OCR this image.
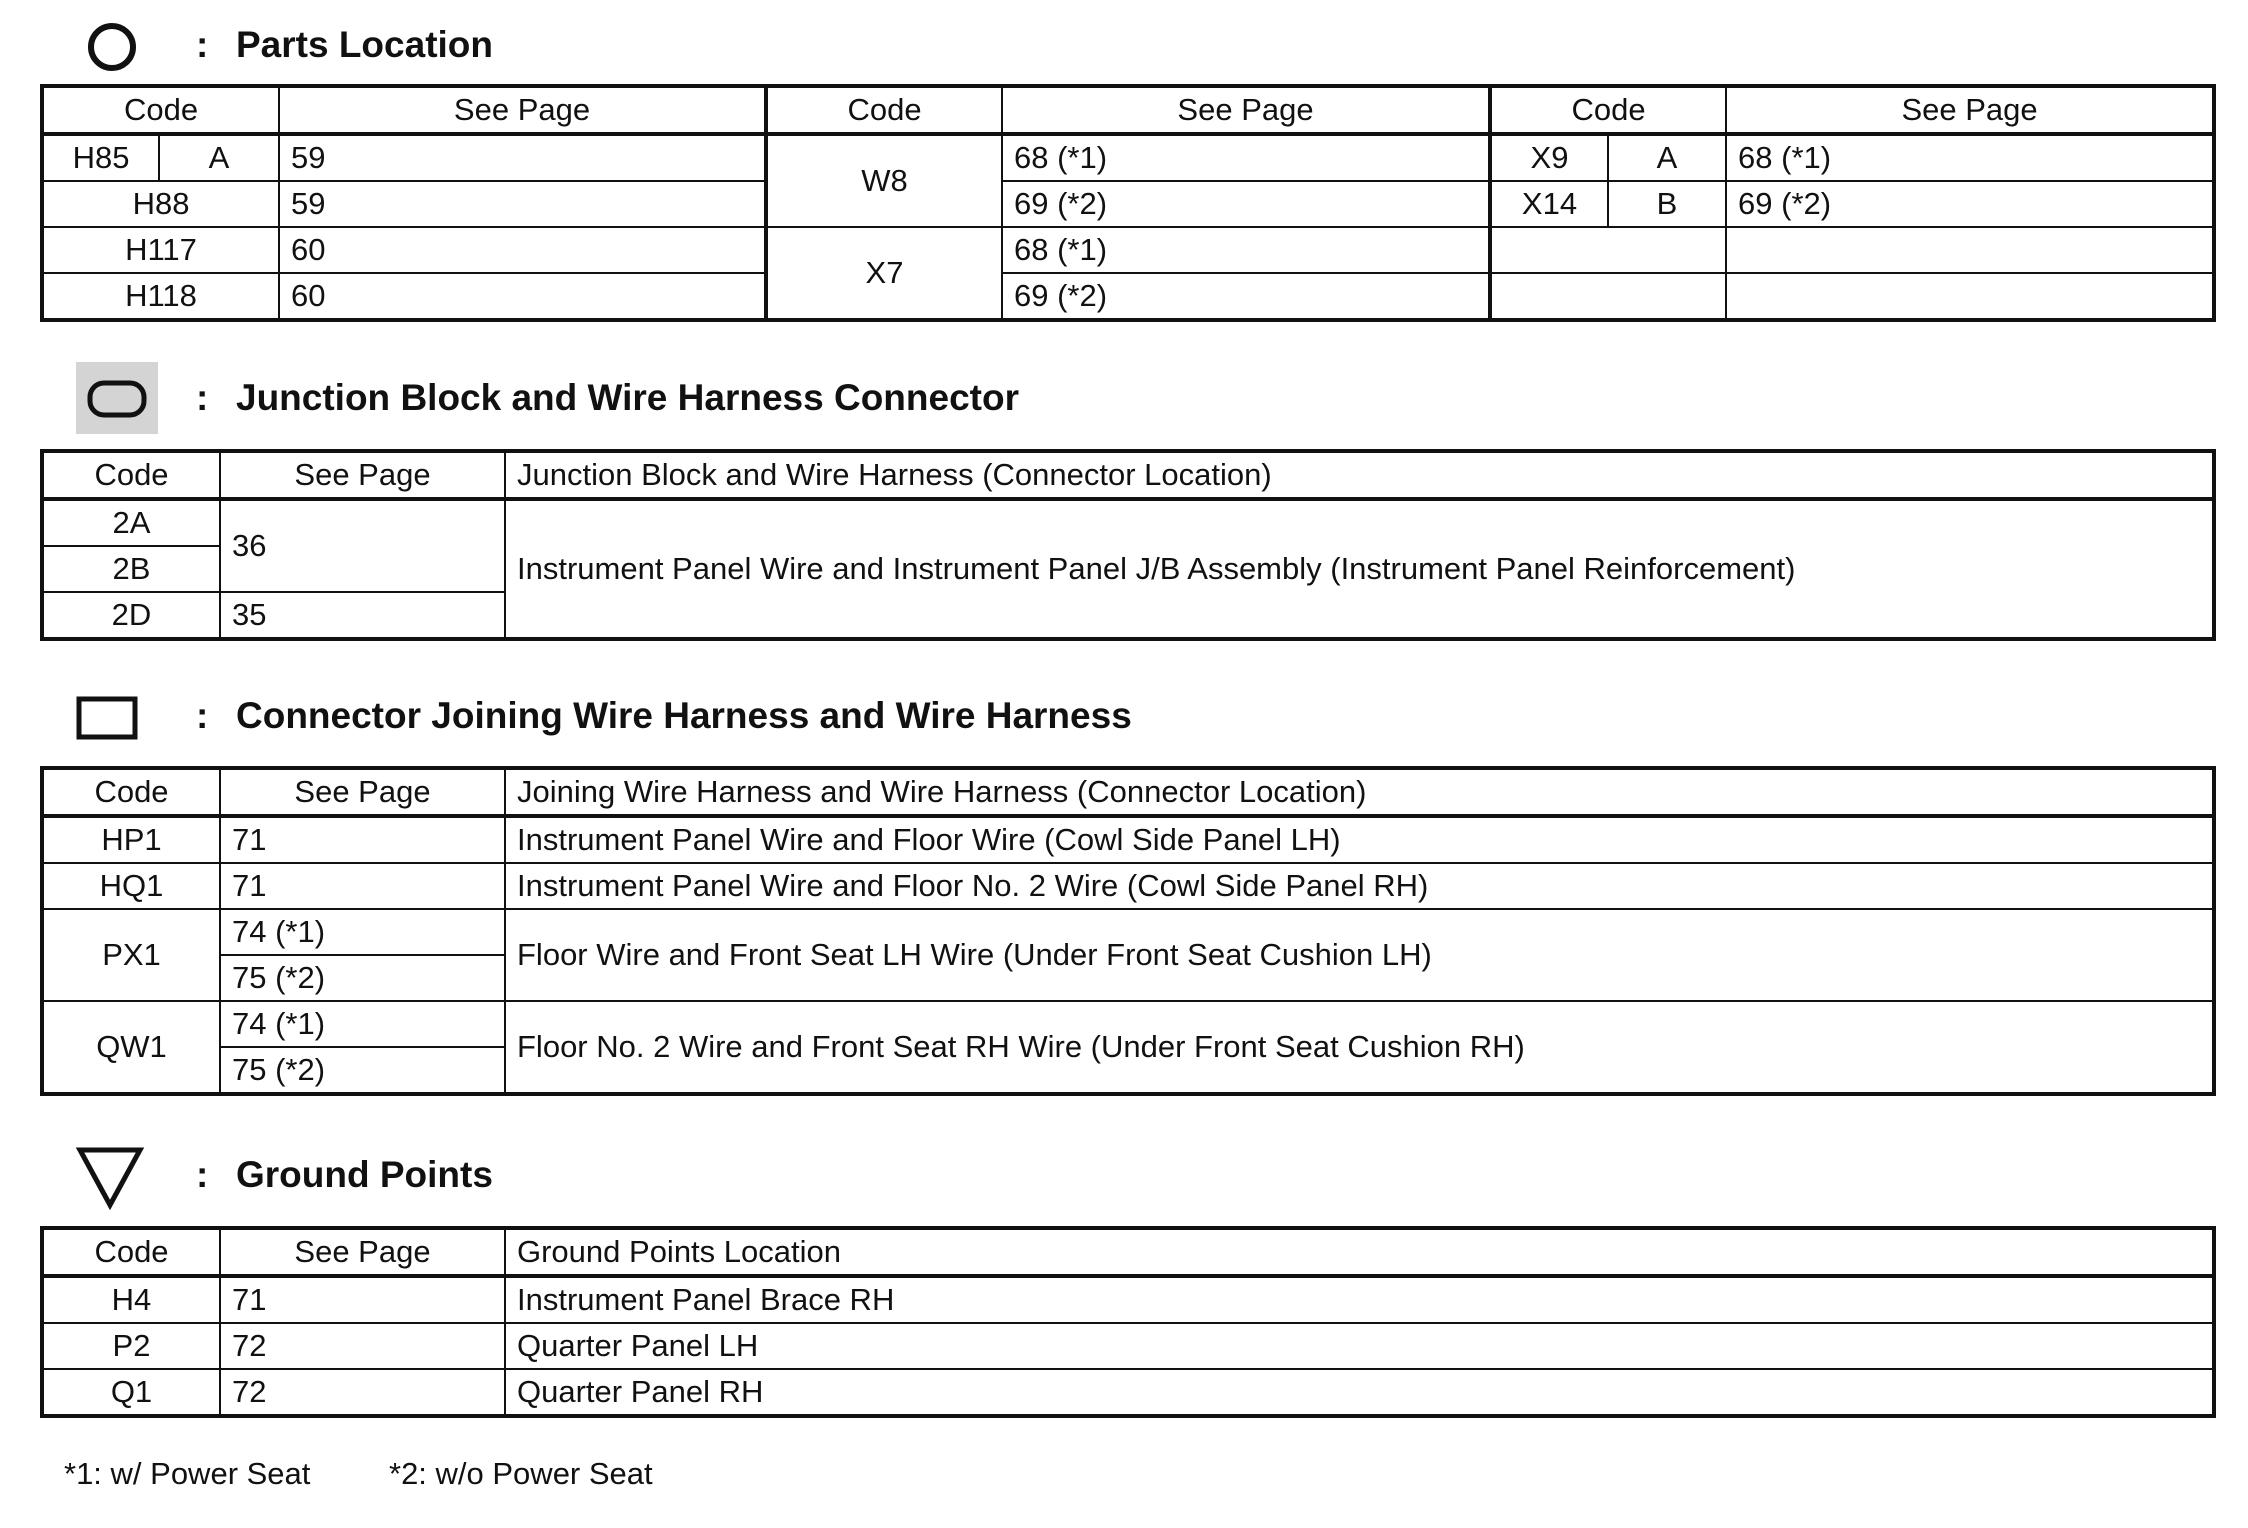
: Parts Location
Code		See Page	Code	See Page	Code		See Page
H85	A	59	W8	68 (*1)	X9	A	68 (*1)
H88		59		69 (*2)	X14	B	69 (*2)
H117		60	X7	68 (*1)			
H118		60		69 (*2)			
: Junction Block and Wire Harness Connector
Code	See Page	Junction Block and Wire Harness (Connector Location)
2A	36	Instrument Panel Wire and Instrument Panel J/B Assembly (Instrument Panel Reinforcement)
2B		
2D	35	
: Connector Joining Wire Harness and Wire Harness
Code	See Page	Joining Wire Harness and Wire Harness (Connector Location)
HP1	71	Instrument Panel Wire and Floor Wire (Cowl Side Panel LH)
HQ1	71	Instrument Panel Wire and Floor No. 2 Wire (Cowl Side Panel RH)
PX1	74 (*1)	Floor Wire and Front Seat LH Wire (Under Front Seat Cushion LH)
	75 (*2)	
QW1	74 (*1)	Floor No. 2 Wire and Front Seat RH Wire (Under Front Seat Cushion RH)
	75 (*2)	
: Ground Points
Code	See Page	Ground Points Location
H4	71	Instrument Panel Brace RH
P2	72	Quarter Panel LH
Q1	72	Quarter Panel RH
*1: w/ Power Seat	*2: w/o Power Seat
